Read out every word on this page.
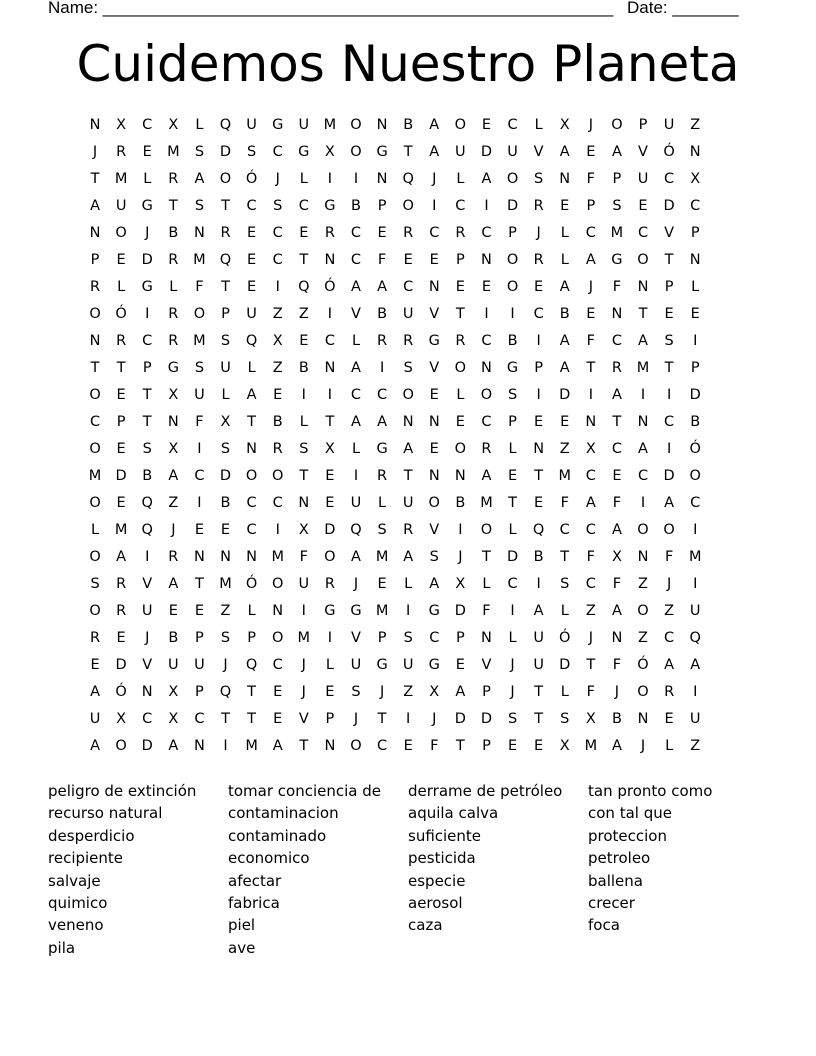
Name: ______________________________________________________ Date: _______
Cuidemos Nuestro Planeta
N	X	C	X	L	Q	U	G	U	M O	N	B	A	O	E	C	L	X	J	O	P	U	Z
J	R	E	M	S	D	S	C	G	X	O	G	T	A	U	D	U	V	A	E	A	V	Ó	N
T	M	L	R	A	O	Ó	J	L	I	I	N	Q	J	L	A	O	S	N	F	P	U	C	X
A	U	G	T	S	T	C	S	C	G	B	P	O	I	C	I	D	R	E	P	S	E	D	C
N	O	J	B	N	R	E	C	E	R	C	E	R	C	R	C	P	J	L	C	M	C	V	P
P	E	D	R	M Q	E	C	T	N	C	F	E	E	P	N	O	R	L	A	G	O	T	N
R	L	G	L	F	T	E	I	Q	Ó	A	A	C	N	E	E	O	E	A	J	F	N	P	L
O	Ó	I	R	O	P	U	Z	Z	I	V	B	U	V	T	I	I	C	B	E	N	T	E	E
N	R	C	R	M	S	Q	X	E	C	L	R	R	G	R	C	B	I	A	F	C	A	S	I
T	T	P	G	S	U	L	Z	B	N	A	I	S	V	O	N	G	P	A	T	R	M	T	P
O	E	T	X	U	L	A	E	I	I	C	C	O	E	L	O	S	I	D	I	A	I	I	D
C	P	T	N	F	X	T	B	L	T	A	A	N	N	E	C	P	E	E	N	T	N	C	B
O	E	S	X	I	S	N	R	S	X	L	G	A	E	O	R	L	N	Z	X	C	A	I	Ó
M D	B	A	C	D	O	O	T	E	I	R	T	N	N	A	E	T	M	C	E	C	D	O
O	E	Q	Z	I	B	C	C	N	E	U	L	U	O	B	M	T	E	F	A	F	I	A	C
L	M Q	J	E	E	C	I	X	D	Q	S	R	V	I	O	L	Q	C	C	A	O	O	I
O	A	I	R	N	N	N M	F	O	A	M	A	S	J	T	D	B	T	F	X	N	F	M
S	R	V	A	T	M Ó	O	U	R	J	E	L	A	X	L	C	I	S	C	F	Z	J	I
O	R	U	E	E	Z	L	N	I	G	G M	I	G	D	F	I	A	L	Z	A	O	Z	U
R	E	J	B	P	S	P	O M	I	V	P	S	C	P	N	L	U	Ó	J	N	Z	C	Q
E	D	V	U	U	J	Q	C	J	L	U	G	U	G	E	V	J	U	D	T	F	Ó	A	A
A	Ó	N	X	P	Q	T	E	J	E	S	J	Z	X	A	P	J	T	L	F	J	O	R	I
U	X	C	X	C	T	T	E	V	P	J	T	I	J	D	D	S	T	S	X	B	N	E	U
A	O	D	A	N	I	M	A	T	N	O	C	E	F	T	P	E	E	X	M	A	J	L	Z
peligro de extinción
recurso natural
desperdicio
recipiente
salvaje
quimico
veneno
pila
tomar conciencia de
contaminacion
contaminado
economico
afectar
fabrica
piel
ave
derrame de petróleo
aquila calva
suficiente
pesticida
especie
aerosol
caza
tan pronto como
con tal que
proteccion
petroleo
ballena
crecer
foca
